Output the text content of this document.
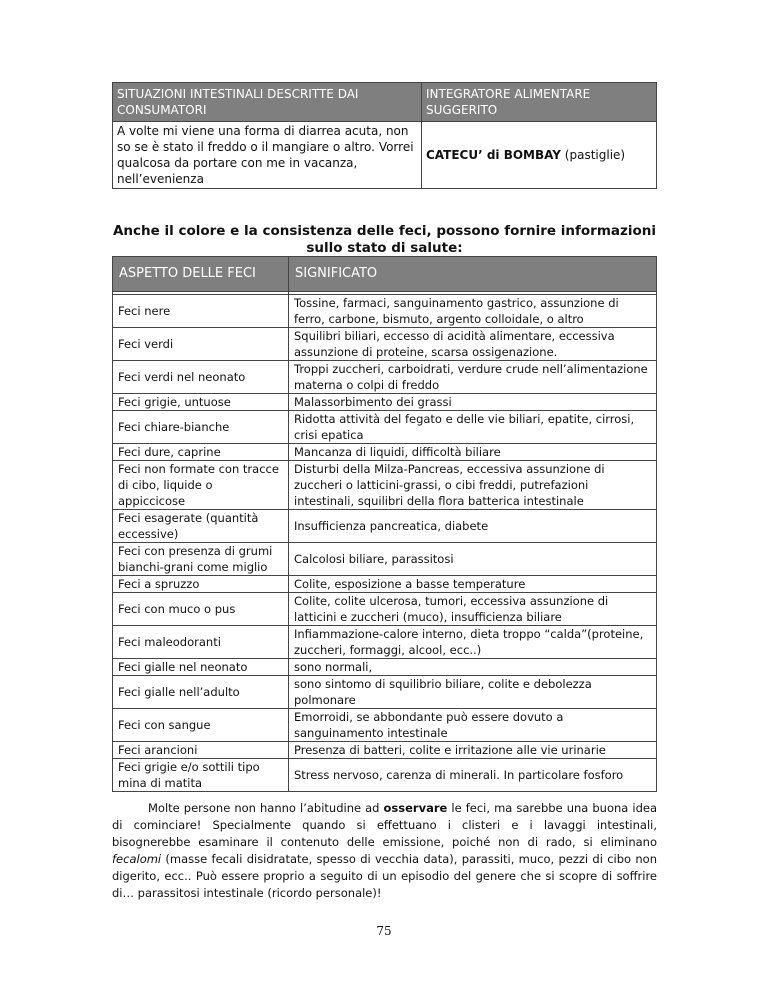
SITUAZIONI INTESTINALI DESCRITTE DAI CONSUMATORI	INTEGRATORE ALIMENTARE SUGGERITO
A volte mi viene una forma di diarrea acuta, non so se è stato il freddo o il mangiare o altro. Vorrei qualcosa da portare con me in vacanza, nell’evenienza	CATECU’ di BOMBAY (pastiglie)
Anche il colore e la consistenza delle feci, possono fornire informazioni sullo stato di salute:
ASPETTO DELLE FECI	SIGNIFICATO

Feci nere	Tossine, farmaci, sanguinamento gastrico, assunzione di ferro, carbone, bismuto, argento colloidale, o altro
Feci verdi	Squilibri biliari, eccesso di acidità alimentare, eccessiva assunzione di proteine, scarsa ossigenazione.
Feci verdi nel neonato	Troppi zuccheri, carboidrati, verdure crude nell’alimentazione materna o colpi di freddo
Feci grigie, untuose	Malassorbimento dei grassi
Feci chiare-bianche	Ridotta attività del fegato e delle vie biliari, epatite, cirrosi, crisi epatica
Feci dure, caprine	Mancanza di liquidi, difficoltà biliare
Feci non formate con tracce di cibo, liquide o appiccicose	Disturbi della Milza-Pancreas, eccessiva assunzione di zuccheri o latticini-grassi, o cibi freddi, putrefazioni intestinali, squilibri della flora batterica intestinale
Feci esagerate (quantità eccessive)	Insufficienza pancreatica, diabete
Feci con presenza di grumi bianchi-grani come miglio	Calcolosi biliare, parassitosi
Feci a spruzzo	Colite, esposizione a basse temperature
Feci con muco o pus	Colite, colite ulcerosa, tumori, eccessiva assunzione di latticini e zuccheri (muco), insufficienza biliare
Feci maleodoranti	Infiammazione-calore interno, dieta troppo “calda”(proteine, zuccheri, formaggi, alcool, ecc..)
Feci gialle nel neonato	sono normali,
Feci gialle nell’adulto	sono sintomo di squilibrio biliare, colite e debolezza polmonare
Feci con sangue	Emorroidi, se abbondante può essere dovuto a sanguinamento intestinale
Feci arancioni	Presenza di batteri, colite e irritazione alle vie urinarie
Feci grigie e/o sottili tipo mina di matita	Stress nervoso, carenza di minerali. In particolare fosforo
Molte persone non hanno l’abitudine ad osservare le feci, ma sarebbe una buona idea di cominciare! Specialmente quando si effettuano i clisteri e i lavaggi intestinali, bisognerebbe esaminare il contenuto delle emissione, poiché non di rado, si eliminano fecalomi (masse fecali disidratate, spesso di vecchia data), parassiti, muco, pezzi di cibo non digerito, ecc.. Può essere proprio a seguito di un episodio del genere che si scopre di soffrire di… parassitosi intestinale (ricordo personale)!
75
